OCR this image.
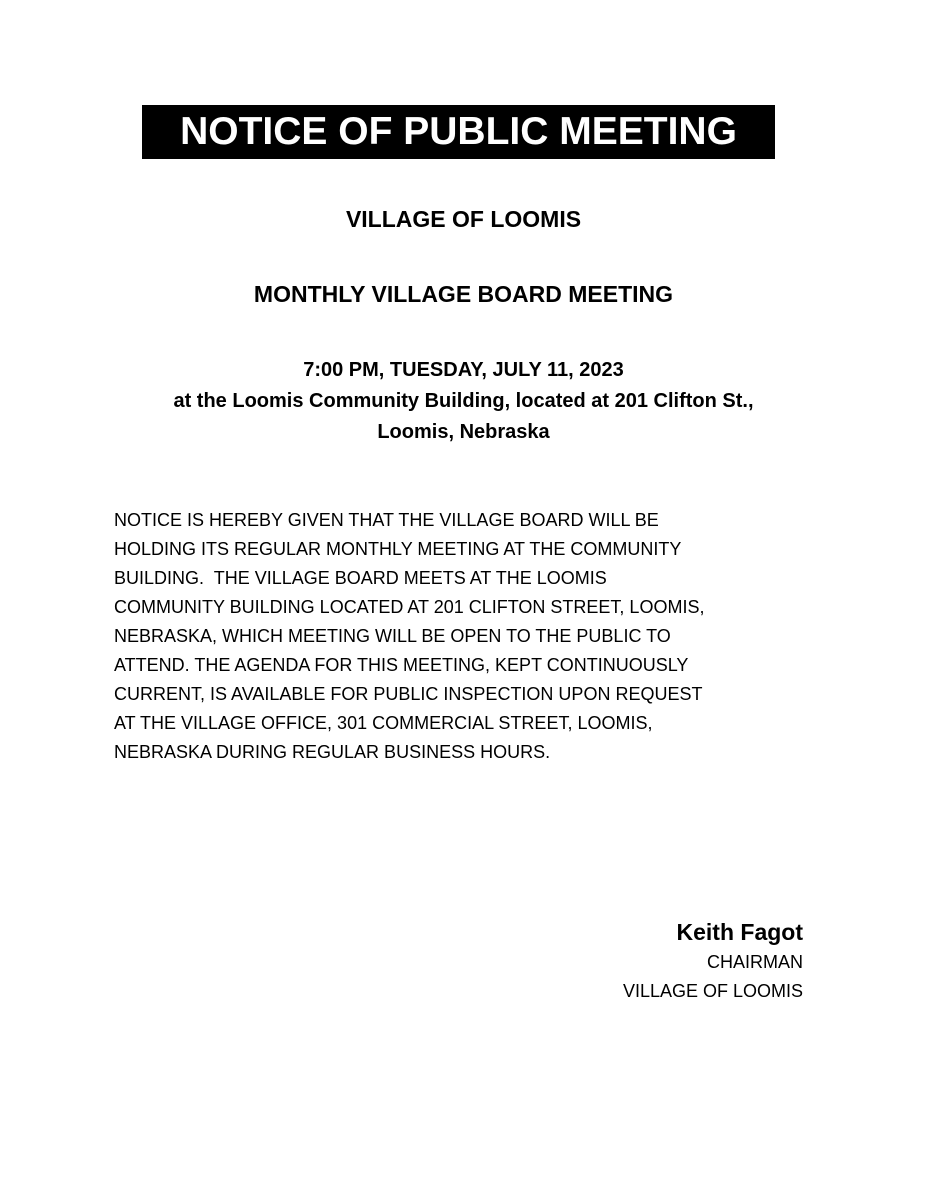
NOTICE OF PUBLIC MEETING
VILLAGE OF LOOMIS
MONTHLY VILLAGE BOARD MEETING
7:00 PM, TUESDAY, JULY 11, 2023
at the Loomis Community Building, located at 201 Clifton St.,
Loomis, Nebraska
NOTICE IS HEREBY GIVEN THAT THE VILLAGE BOARD WILL BE
HOLDING ITS REGULAR MONTHLY MEETING AT THE COMMUNITY
BUILDING.  THE VILLAGE BOARD MEETS AT THE LOOMIS
COMMUNITY BUILDING LOCATED AT 201 CLIFTON STREET, LOOMIS,
NEBRASKA, WHICH MEETING WILL BE OPEN TO THE PUBLIC TO
ATTEND. THE AGENDA FOR THIS MEETING, KEPT CONTINUOUSLY
CURRENT, IS AVAILABLE FOR PUBLIC INSPECTION UPON REQUEST
AT THE VILLAGE OFFICE, 301 COMMERCIAL STREET, LOOMIS,
NEBRASKA DURING REGULAR BUSINESS HOURS.
Keith Fagot
CHAIRMAN
VILLAGE OF LOOMIS
